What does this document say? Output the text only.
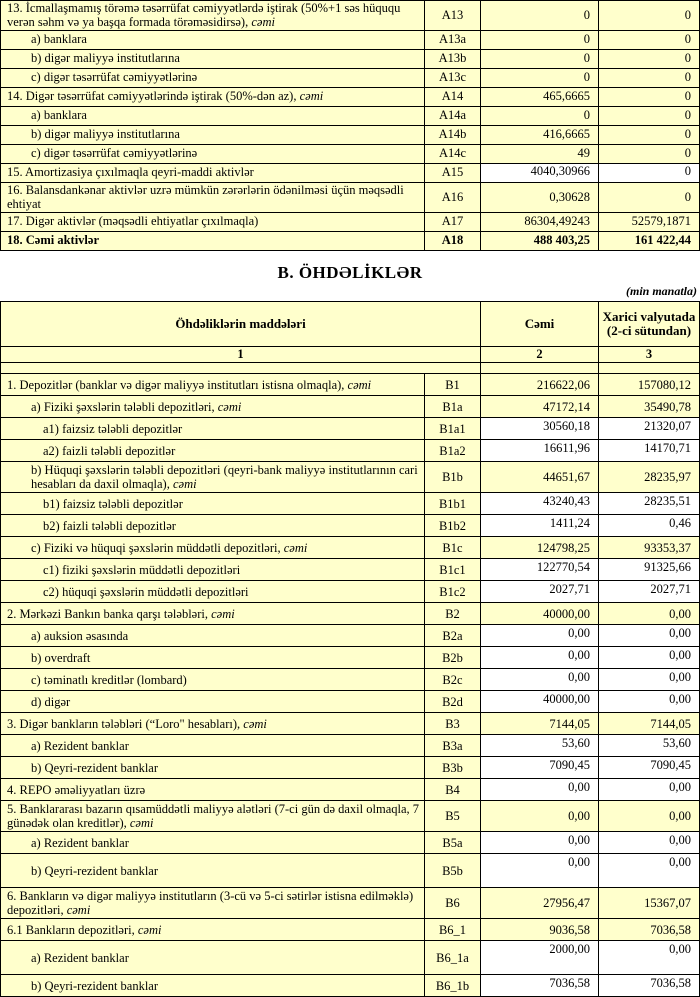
13. İcmallaşmamış törəmə təsərrüfat cəmiyyətlərdə iştirak (50%+1 səs hüququ verən səhm və ya başqa formada törəməsidirsə), cəmi	A13	0	0
a) banklara	A13a	0	0
b) digər maliyyə institutlarına	A13b	0	0
c) digər təsərrüfat cəmiyyətlərinə	A13c	0	0
14. Digər təsərrüfat cəmiyyətlərində iştirak (50%-dən az), cəmi	A14	465,6665	0
a) banklara	A14a	0	0
b) digər maliyyə institutlarına	A14b	416,6665	0
c) digər təsərrüfat cəmiyyətlərinə	A14c	49	0
15. Amortizasiya çıxılmaqla qeyri-maddi aktivlər	A15	4040,30966	0
16. Balansdankənar aktivlər uzrə mümkün zərərlərin ödənilməsi üçün məqsədli ehtiyat	A16	0,30628	0
17. Digər aktivlər (məqsədli ehtiyatlar çıxılmaqla)	A17	86304,49243	52579,1871
18. Cəmi aktivlər	A18	488 403,25	161 422,44
B. ÖHDƏLİKLƏR
(min manatla)
Öhdəliklərin maddələri		Cəmi	Xarici valyutada (2-ci sütundan)
1		2	3

1. Depozitlər (banklar və digər maliyyə institutları istisna olmaqla), cəmi	B1	216622,06	157080,12
a) Fiziki şəxslərin tələbli depozitləri, cəmi	B1a	47172,14	35490,78
a1) faizsiz tələbli depozitlər	B1a1	30560,18	21320,07
a2) faizli tələbli depozitlər	B1a2	16611,96	14170,71
b) Hüquqi şəxslərin tələbli depozitləri (qeyri-bank maliyyə institutlarının cari hesabları da daxil olmaqla), cəmi	B1b	44651,67	28235,97
b1) faizsiz tələbli depozitlər	B1b1	43240,43	28235,51
b2) faizli tələbli depozitlər	B1b2	1411,24	0,46
c) Fiziki və hüquqi şəxslərin müddətli depozitləri, cəmi	B1c	124798,25	93353,37
c1) fiziki şəxslərin müddətli depozitləri	B1c1	122770,54	91325,66
c2) hüquqi şəxslərin müddətli depozitləri	B1c2	2027,71	2027,71
2. Mərkəzi Bankın banka qarşı tələbləri, cəmi	B2	40000,00	0,00
a) auksion əsasında	B2a	0,00	0,00
b) overdraft	B2b	0,00	0,00
c) təminatlı kreditlər (lombard)	B2c	0,00	0,00
d) digər	B2d	40000,00	0,00
3. Digər bankların tələbləri (“Loro" hesabları), cəmi	B3	7144,05	7144,05
a) Rezident banklar	B3a	53,60	53,60
b) Qeyri-rezident banklar	B3b	7090,45	7090,45
4. REPO əməliyyatları üzrə	B4	0,00	0,00
5. Banklararası bazarın qısamüddətli maliyyə alətləri (7-ci gün də daxil olmaqla, 7 günədək olan kreditlər), cəmi	B5	0,00	0,00
a) Rezident banklar	B5a	0,00	0,00
b) Qeyri-rezident banklar	B5b	0,00	0,00
6. Bankların və digər maliyyə institutların (3-cü və 5-ci sətirlər istisna edilməklə) depozitləri, cəmi	B6	27956,47	15367,07
6.1 Bankların depozitləri, cəmi	B6_1	9036,58	7036,58
a) Rezident banklar	B6_1a	2000,00	0,00
b) Qeyri-rezident banklar	B6_1b	7036,58	7036,58
